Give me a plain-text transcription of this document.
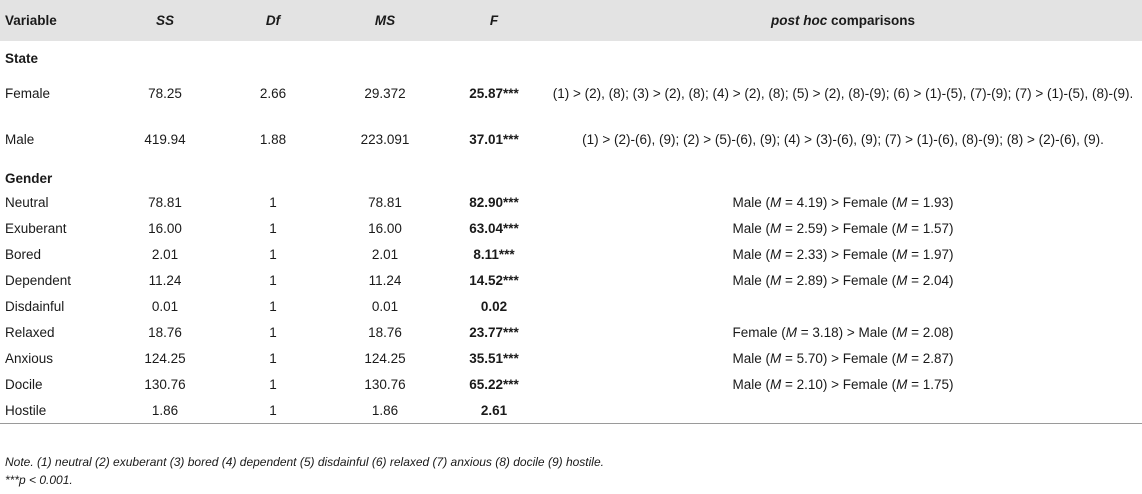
Variable	SS	Df	MS	F	post hoc comparisons
State					
Female	78.25	2.66	29.372	25.87***	(1) > (2), (8); (3) > (2), (8); (4) > (2), (8); (5) > (2), (8)-(9); (6) > (1)-(5), (7)-(9); (7) > (1)-(5), (8)-(9).
Male	419.94	1.88	223.091	37.01***	(1) > (2)-(6), (9); (2) > (5)-(6), (9); (4) > (3)-(6), (9); (7) > (1)-(6), (8)-(9); (8) > (2)-(6), (9).
Gender					
Neutral	78.81	1	78.81	82.90***	Male (M = 4.19) > Female (M = 1.93)
Exuberant	16.00	1	16.00	63.04***	Male (M = 2.59) > Female (M = 1.57)
Bored	2.01	1	2.01	8.11***	Male (M = 2.33) > Female (M = 1.97)
Dependent	11.24	1	11.24	14.52***	Male (M = 2.89) > Female (M = 2.04)
Disdainful	0.01	1	0.01	0.02	
Relaxed	18.76	1	18.76	23.77***	Female (M = 3.18) > Male (M = 2.08)
Anxious	124.25	1	124.25	35.51***	Male (M = 5.70) > Female (M = 2.87)
Docile	130.76	1	130.76	65.22***	Male (M = 2.10) > Female (M = 1.75)
Hostile	1.86	1	1.86	2.61	
Note. (1) neutral (2) exuberant (3) bored (4) dependent (5) disdainful (6) relaxed (7) anxious (8) docile (9) hostile.
***p < 0.001.
